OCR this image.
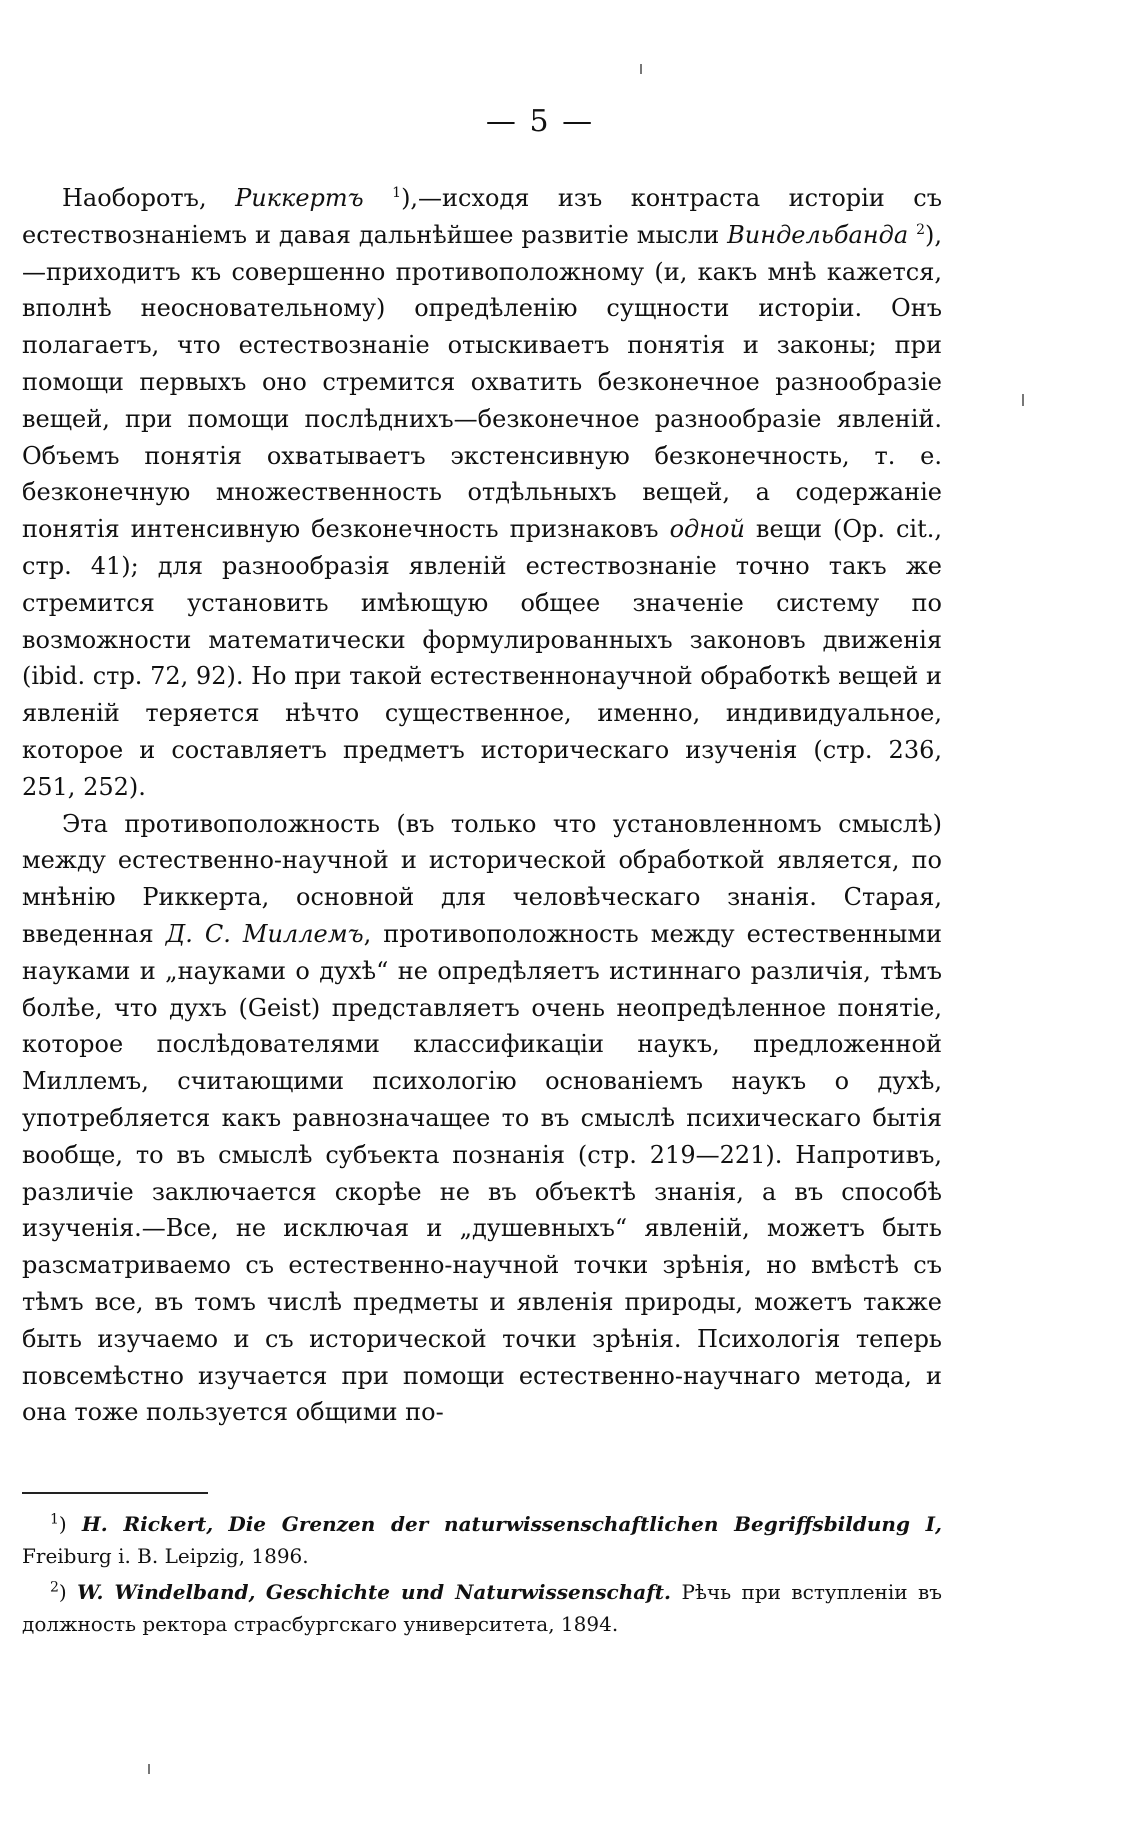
— 5 —

Наоборотъ, Риккертъ $^1$),—исходя изъ контраста исторіи съ естествознаніемъ и давая дальнѣйшее развитіе мысли Виндельбанда $^2$),—приходитъ къ совершенно противоположному (и, какъ мнѣ кажется, вполнѣ неосновательному) опредѣленію сущности исторіи. Онъ полагаетъ, что естествознаніе отыскиваетъ понятія и законы; при помощи первыхъ оно стремится охватить безконечное разнообразіе вещей, при помощи послѣднихъ—безконечное разнообразіе явленій. Объемъ понятія охватываетъ экстенсивную безконечность, т. е. безконечную множественность отдѣльныхъ вещей, а содержаніе понятія интенсивную безконечность признаковъ одной вещи (Op. cit., стр. 41); для разнообразія явленій естествознаніе точно такъ же стремится установить имѣющую общее значеніе систему по возможности математически формулированныхъ законовъ движенія (ibid. стр. 72, 92). Но при такой естественнонаучной обработкѣ вещей и явленій теряется нѣчто существенное, именно, индивидуальное, которое и составляетъ предметъ историческаго изученія (стр. 236, 251, 252).

Эта противоположность (въ только что установленномъ смыслѣ) между естественно-научной и исторической обработкой является, по мнѣнію Риккерта, основной для человѣческаго знанія. Старая, введенная Д. С. Миллемъ, противоположность между естественными науками и „науками о духѣ“ не опредѣляетъ истиннаго различія, тѣмъ болѣе, что духъ (Geist) представляетъ очень неопредѣленное понятіе, которое послѣдователями классификаціи наукъ, предложенной Миллемъ, считающими психологію основаніемъ наукъ о духѣ, употребляется какъ равнозначащее то въ смыслѣ психическаго бытія вообще, то въ смыслѣ субъекта познанія (стр. 219—221). Напротивъ, различіе заключается скорѣе не въ объектѣ знанія, а въ способѣ изученія.—Все, не исключая и „душевныхъ“ явленій, можетъ быть разсматриваемо съ естественно-научной точки зрѣнія, но вмѣстѣ съ тѣмъ все, въ томъ числѣ предметы и явленія природы, можетъ также быть изучаемо и съ исторической точки зрѣнія. Психологія теперь повсемѣстно изучается при помощи естественно-научнаго метода, и она тоже пользуется общими по-

$^1$) H. Rickert, Die Grenzen der naturwissenschaftlichen Begriffsbildung I, Freiburg i. B. Leipzig, 1896.

$^2$) W. Windelband, Geschichte und Naturwissenschaft. Рѣчь при вступленіи въ должность ректора страсбургскаго университета, 1894.
